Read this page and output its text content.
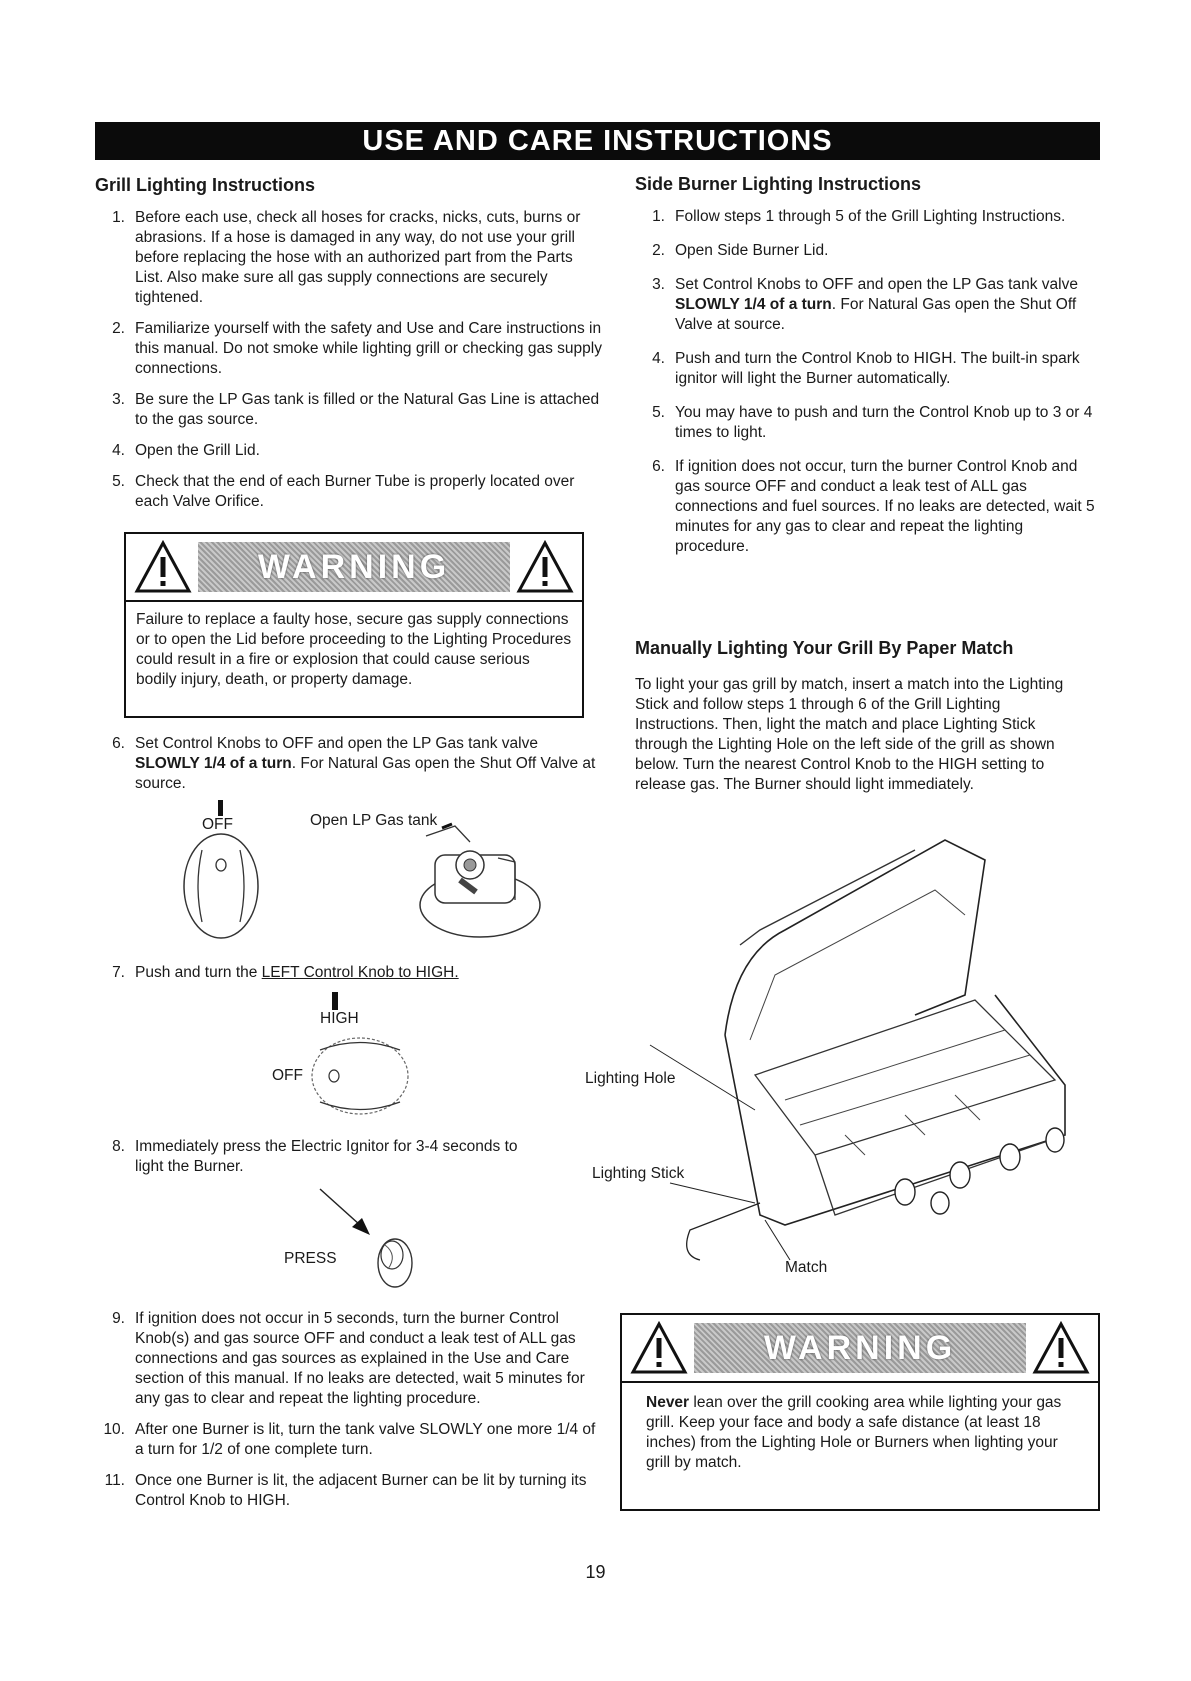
USE AND CARE INSTRUCTIONS
Grill Lighting Instructions
1. Before each use, check all hoses for cracks, nicks, cuts, burns or abrasions. If a hose is damaged in any way, do not use your grill before replacing the hose with an authorized part from the Parts List. Also make sure all gas supply connections are securely tightened.
2. Familiarize yourself with the safety and Use and Care instructions in this manual. Do not smoke while lighting grill or checking gas supply connections.
3. Be sure the LP Gas tank is filled or the Natural Gas Line is attached to the gas source.
4. Open the Grill Lid.
5. Check that the end of each Burner Tube is properly located over each Valve Orifice.
WARNING
Failure to replace a faulty hose, secure gas supply connections or to open the Lid before proceeding to the Lighting Procedures could result in a fire or explosion that could cause serious bodily injury, death, or property damage.
6. Set Control Knobs to OFF and open the LP Gas tank valve SLOWLY 1/4 of a turn. For Natural Gas open the Shut Off Valve at source.
OFF	Open LP Gas tank
7. Push and turn the LEFT Control Knob to HIGH.
HIGH
OFF
8. Immediately press the Electric Ignitor for 3-4 seconds to light the Burner.
PRESS
9. If ignition does not occur in 5 seconds, turn the burner Control Knob(s) and gas source OFF and conduct a leak test of ALL gas connections and gas sources as explained in the Use and Care section of this manual. If no leaks are detected, wait 5 minutes for any gas to clear and repeat the lighting procedure.
10. After one Burner is lit, turn the tank valve SLOWLY one more 1/4 of a turn for 1/2 of one complete turn.
11. Once one Burner is lit, the adjacent Burner can be lit by turning its Control Knob to HIGH.
Side Burner Lighting Instructions
1. Follow steps 1 through 5 of the Grill Lighting Instructions.
2. Open Side Burner Lid.
3. Set Control Knobs to OFF and open the LP Gas tank valve SLOWLY 1/4 of a turn. For Natural Gas open the Shut Off Valve at source.
4. Push and turn the Control Knob to HIGH. The built-in spark ignitor will light the Burner automatically.
5. You may have to push and turn the Control Knob up to 3 or 4 times to light.
6. If ignition does not occur, turn the burner Control Knob and gas source OFF and conduct a leak test of ALL gas connections and fuel sources. If no leaks are detected, wait 5 minutes for any gas to clear and repeat the lighting procedure.
Manually Lighting Your Grill By Paper Match
To light your gas grill by match, insert a match into the Lighting Stick and follow steps 1 through 6 of the Grill Lighting Instructions. Then, light the match and place Lighting Stick through the Lighting Hole on the left side of the grill as shown below. Turn the nearest Control Knob to the HIGH setting to release gas. The Burner should light immediately.
Lighting Hole
Lighting Stick
Match
WARNING
Never lean over the grill cooking area while lighting your gas grill. Keep your face and body a safe distance (at least 18 inches) from the Lighting Hole or Burners when lighting your grill by match.
19
